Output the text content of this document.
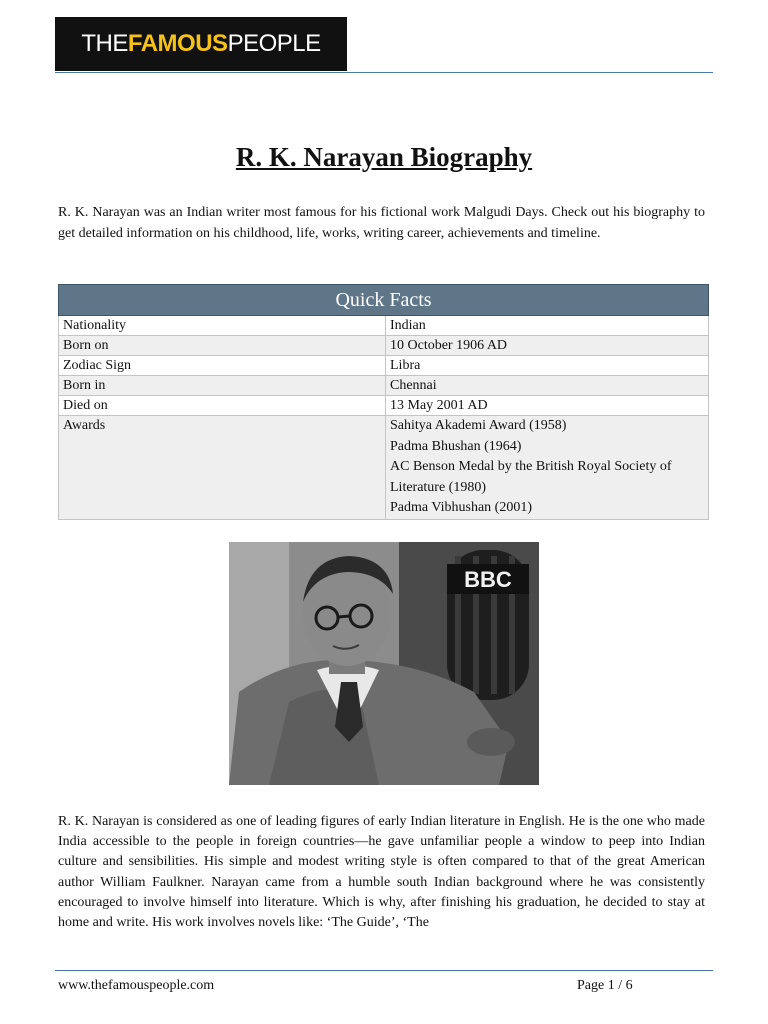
THE FAMOUS PEOPLE
R. K. Narayan Biography

R. K. Narayan was an Indian writer most famous for his fictional work Malgudi Days. Check out his biography to get detailed information on his childhood, life, works, writing career, achievements and timeline.

Quick Facts	
Nationality	Indian
Born on	10 October 1906 AD
Zodiac Sign	Libra
Born in	Chennai
Died on	13 May 2001 AD
Awards	Sahitya Akademi Award (1958)
Padma Bhushan (1964)
AC Benson Medal by the British Royal Society of Literature (1980)
Padma Vibhushan (2001)
BBC

R. K. Narayan is considered as one of leading figures of early Indian literature in English. He is the one who made India accessible to the people in foreign countries—he gave unfamiliar people a window to peep into Indian culture and sensibilities. His simple and modest writing style is often compared to that of the great American author William Faulkner. Narayan came from a humble south Indian background where he was consistently encouraged to involve himself into literature. Which is why, after finishing his graduation, he decided to stay at home and write. His work involves novels like: ‘The Guide’, ‘The

www.thefamouspeople.com	Page 1 / 6
